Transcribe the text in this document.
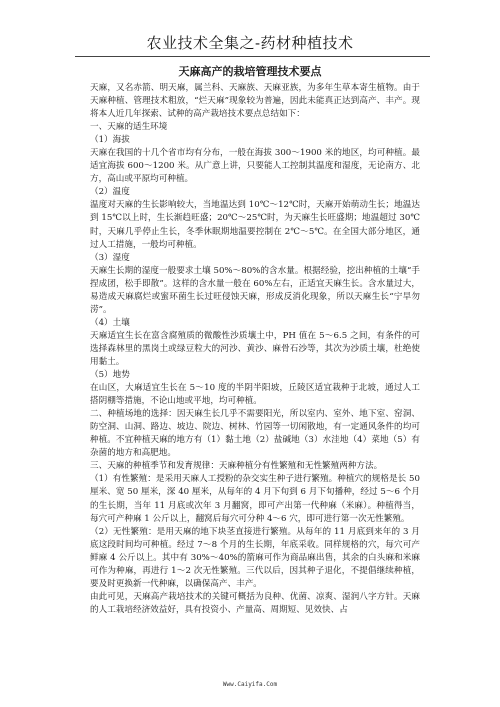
农业技术全集之-药材种植技术
天麻高产的栽培管理技术要点

天麻，又名赤箭、明天麻，属兰科、天麻族、天麻亚族，为多年生草本寄生植物。由于天麻种植、管理技术粗放，“烂天麻”现象较为普遍，因此未能真正达到高产、丰产。现将本人近几年探索、试种的高产栽培技术要点总结如下：

一、天麻的适生环境

（1）海拔

天麻在我国的十几个省市均有分布，一般在海拔 300～1900 米的地区，均可种植。最适宜海拔 600～1200 米。从广意上讲，只要能人工控制其温度和湿度，无论南方、北方，高山或平原均可种植。

（2）温度

温度对天麻的生长影响较大，当地温达到 10℃～12℃时，天麻开始萌动生长；地温达到 15℃以上时，生长渐趋旺盛；20℃～25℃时，为天麻生长旺盛期；地温超过 30℃时，天麻几乎停止生长，冬季休眠期地温要控制在 2℃～5℃。在全国大部分地区，通过人工措施，一般均可种植。

（3）湿度

天麻生长期的湿度一般要求土壤 50%～80%的含水量。根据经验，挖出种植的土壤“手捏成团，松手即散”。这样的含水量一般在 60%左右，正适宜天麻生长。含水量过大，易造成天麻腐烂或蜜环菌生长过旺侵蚀天麻，形成反消化现象，所以天麻生长“宁旱勿涝”。

（4）土壤

天麻适宜生长在富含腐殖质的微酸性沙质壤土中，PH 值在 5～6.5 之间，有条件的可选择森林里的黑岗土或绿豆粒大的河沙、黄沙、麻骨石沙等，其次为沙质土壤，杜绝使用黏土。

（5）地势

在山区，大麻适宜生长在 5～10 度的半阴半阳坡，丘陵区适宜栽种于北坡，通过人工搭阴棚等措施，不论山地或平地，均可种植。

二、种植场地的选择：因天麻生长几乎不需要阳光，所以室内、室外、地下室、窑洞、防空洞、山洞、路边、坡边、院边、树林、竹园等一切闲散地，有一定通风条件的均可种植。不宜种植天麻的地方有（1）黏土地（2）盐碱地（3）水洼地（4）菜地（5）有杂菌的地方和高肥地。

三、天麻的种植季节和发育规律：天麻种植分有性繁殖和无性繁殖两种方法。

（1）有性繁殖：是采用天麻人工授粉的杂交实生种子进行繁殖。种植穴的规格是长 50 厘米、宽 50 厘米，深 40 厘米，从每年的 4 月下旬到 6 月下旬播种，经过 5～6 个月的生长期，当年 11 月底或次年 3 月翻窝，即可产出第一代种麻（米麻）。种植得当，每穴可产种麻 1 公斤以上，翻窝后每穴可分种 4～6 穴，即可进行第一次无性繁殖。

（2）无性繁殖：是用天麻的地下块茎直接进行繁殖。从每年的 11 月底到来年的 3 月底这段时间均可种植。经过 7～8 个月的生长期，年底采收。同样规格的穴，每穴可产鲜麻 4 公斤以上。其中有 30%～40%的箭麻可作为商品麻出售，其余的白头麻和米麻可作为种麻，再进行 1～2 次无性繁殖。三代以后，因其种子退化，不提倡继续种植，要及时更换新一代种麻，以确保高产、丰产。

由此可见，天麻高产栽培技术的关键可概括为良种、优菌、凉爽、湿润八字方针。天麻的人工栽培经济效益好，具有投资小、产量高、周期短、见效快、占

Www.Caiyifa.Com
